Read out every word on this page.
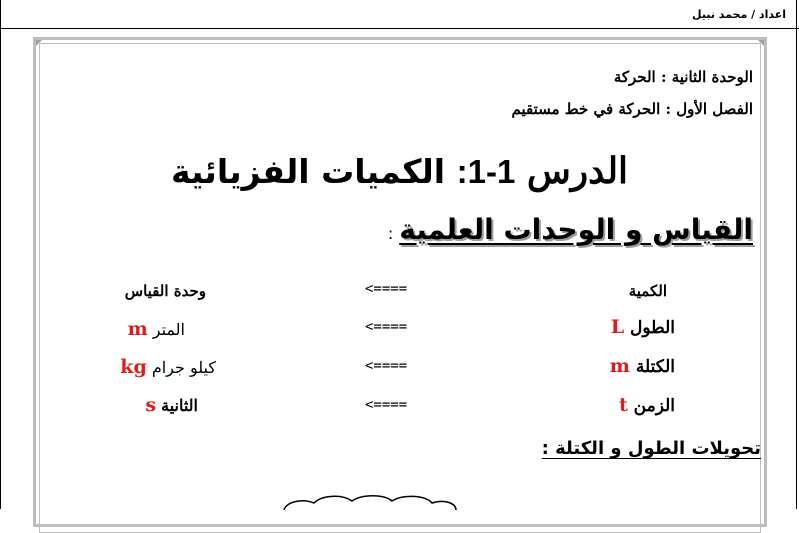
اعداد / محمد نبيل
الوحدة الثانية : الحركة
الفصل الأول : الحركة في خط مستقيم
الدرس 1-1: الكميات الفزيائية
القياس و الوحدات العلمية:
الكمية
<====
وحدة القياس
الطول L
<====
المتر m
الكتلة m
<====
كيلو جرام kg
الزمن t
<====
الثانية s
تحويلات الطول و الكتلة :
